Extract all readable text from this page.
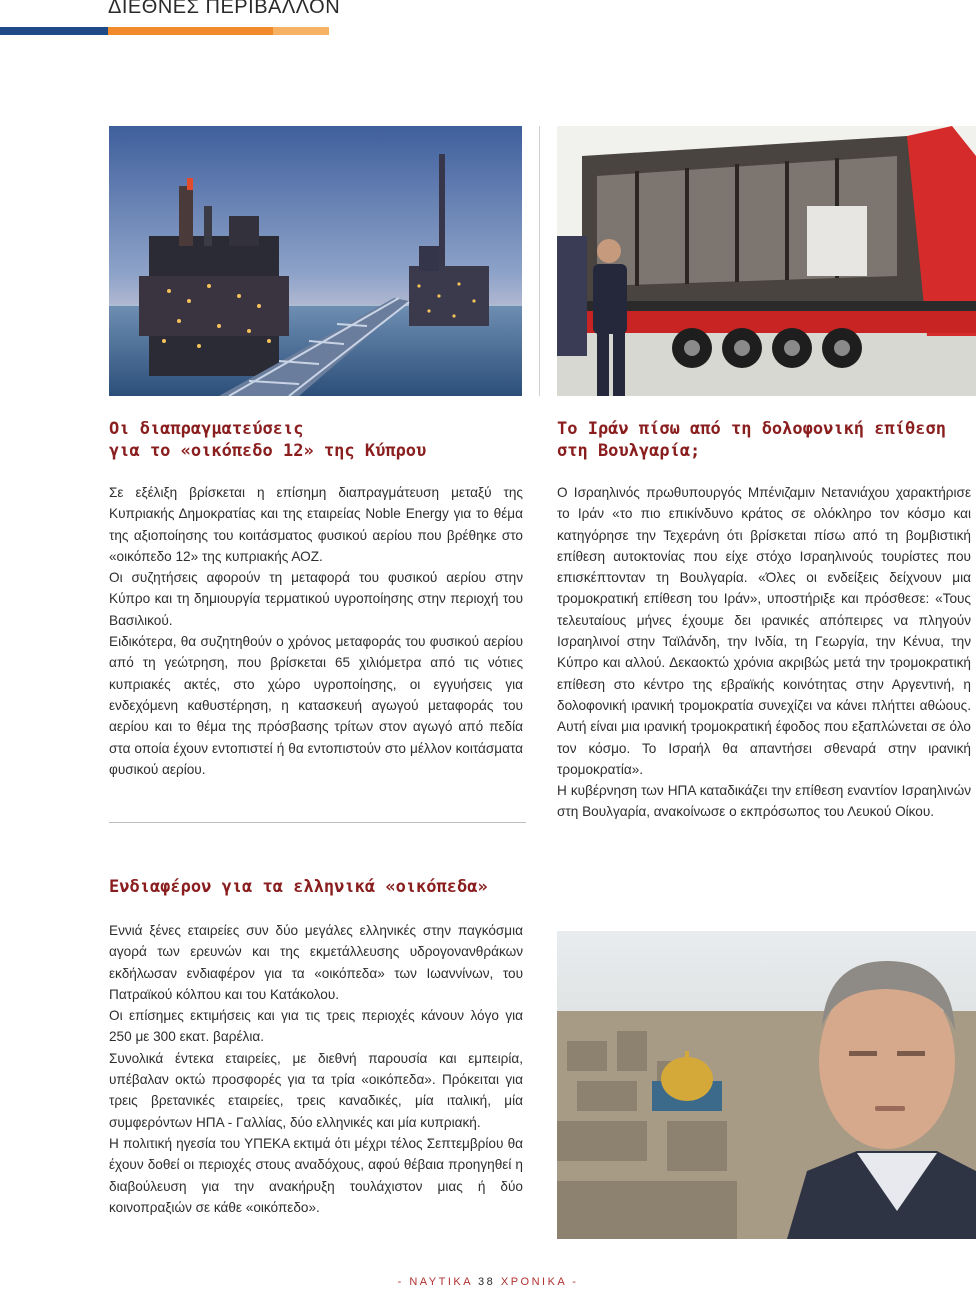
ΔΙΕΘΝΕΣ ΠΕΡΙΒΑΛΛΟΝ
Οι διαπραγματεύσεις
για το «οικόπεδο 12» της Κύπρου
Το Ιράν πίσω από τη δολοφονική επίθεση
στη Βουλγαρία;

Σε εξέλιξη βρίσκεται η επίσημη διαπραγμάτευση μεταξύ της Κυπριακής Δημοκρατίας και της εταιρείας Noble Energy για το θέμα της αξιοποίησης του κοιτάσματος φυσικού αερίου που βρέθηκε στο «οικόπεδο 12» της κυπριακής ΑΟΖ.

Οι συζητήσεις αφορούν τη μεταφορά του φυσικού αερίου στην Κύπρο και τη δημιουργία τερματικού υγροποίησης στην περιοχή του Βασιλικού.

Ειδικότερα, θα συζητηθούν ο χρόνος μεταφοράς του φυσικού αερίου από τη γεώτρηση, που βρίσκεται 65 χιλιόμετρα από τις νότιες κυπριακές ακτές, στο χώρο υγροποίησης, οι εγγυήσεις για ενδεχόμενη καθυστέρηση, η κατασκευή αγωγού μεταφοράς του αερίου και το θέμα της πρόσβασης τρίτων στον αγωγό από πεδία στα οποία έχουν εντοπιστεί ή θα εντοπιστούν στο μέλλον κοιτάσματα φυσικού αερίου.

Ο Ισραηλινός πρωθυπουργός Μπένιζαμιν Νετανιάχου χαρακτήρισε το Ιράν «το πιο επικίνδυνο κράτος σε ολόκληρο τον κόσμο και κατηγόρησε την Τεχεράνη ότι βρίσκεται πίσω από τη βομβιστική επίθεση αυτοκτονίας που είχε στόχο Ισραηλινούς τουρίστες που επισκέπτονταν τη Βουλγαρία. «Όλες οι ενδείξεις δείχνουν μια τρομοκρατική επίθεση του Ιράν», υποστήριξε και πρόσθεσε: «Τους τελευταίους μήνες έχουμε δει ιρανικές απόπειρες να πληγούν Ισραηλινοί στην Ταϊλάνδη, την Ινδία, τη Γεωργία, την Κένυα, την Κύπρο και αλλού. Δεκαοκτώ χρόνια ακριβώς μετά την τρομοκρατική επίθεση στο κέντρο της εβραϊκής κοινότητας στην Αργεντινή, η δολοφονική ιρανική τρομοκρατία συνεχίζει να κάνει πλήττει αθώους. Αυτή είναι μια ιρανική τρομοκρατική έφοδος που εξαπλώνεται σε όλο τον κόσμο. Το Ισραήλ θα απαντήσει σθεναρά στην ιρανική τρομοκρατία».

Η κυβέρνηση των ΗΠΑ καταδικάζει την επίθεση εναντίον Ισραηλινών στη Βουλγαρία, ανακοίνωσε ο εκπρόσωπος του Λευκού Οίκου.

Ενδιαφέρον για τα ελληνικά «οικόπεδα»

Εννιά ξένες εταιρείες συν δύο μεγάλες ελληνικές στην παγκόσμια αγορά των ερευνών και της εκμετάλλευσης υδρογονανθράκων εκδήλωσαν ενδιαφέρον για τα «οικόπεδα» των Ιωαννίνων, του Πατραϊκού κόλπου και του Κατάκολου.

Οι επίσημες εκτιμήσεις και για τις τρεις περιοχές κάνουν λόγο για 250 με 300 εκατ. βαρέλια.

Συνολικά έντεκα εταιρείες, με διεθνή παρουσία και εμπειρία, υπέβαλαν οκτώ προσφορές για τα τρία «οικόπεδα». Πρόκειται για τρεις βρετανικές εταιρείες, τρεις καναδικές, μία ιταλική, μία συμφερόντων ΗΠΑ - Γαλλίας, δύο ελληνικές και μία κυπριακή.

Η πολιτική ηγεσία του ΥΠΕΚΑ εκτιμά ότι μέχρι τέλος Σεπτεμβρίου θα έχουν δοθεί οι περιοχές στους αναδόχους, αφού θέβαια προηγηθεί η διαβούλευση για την ανακήρυξη τουλάχιστον μιας ή δύο κοινοπραξιών σε κάθε «οικόπεδο».

- ΝΑΥΤΙΚΑ 38 ΧΡΟΝΙΚΑ -
